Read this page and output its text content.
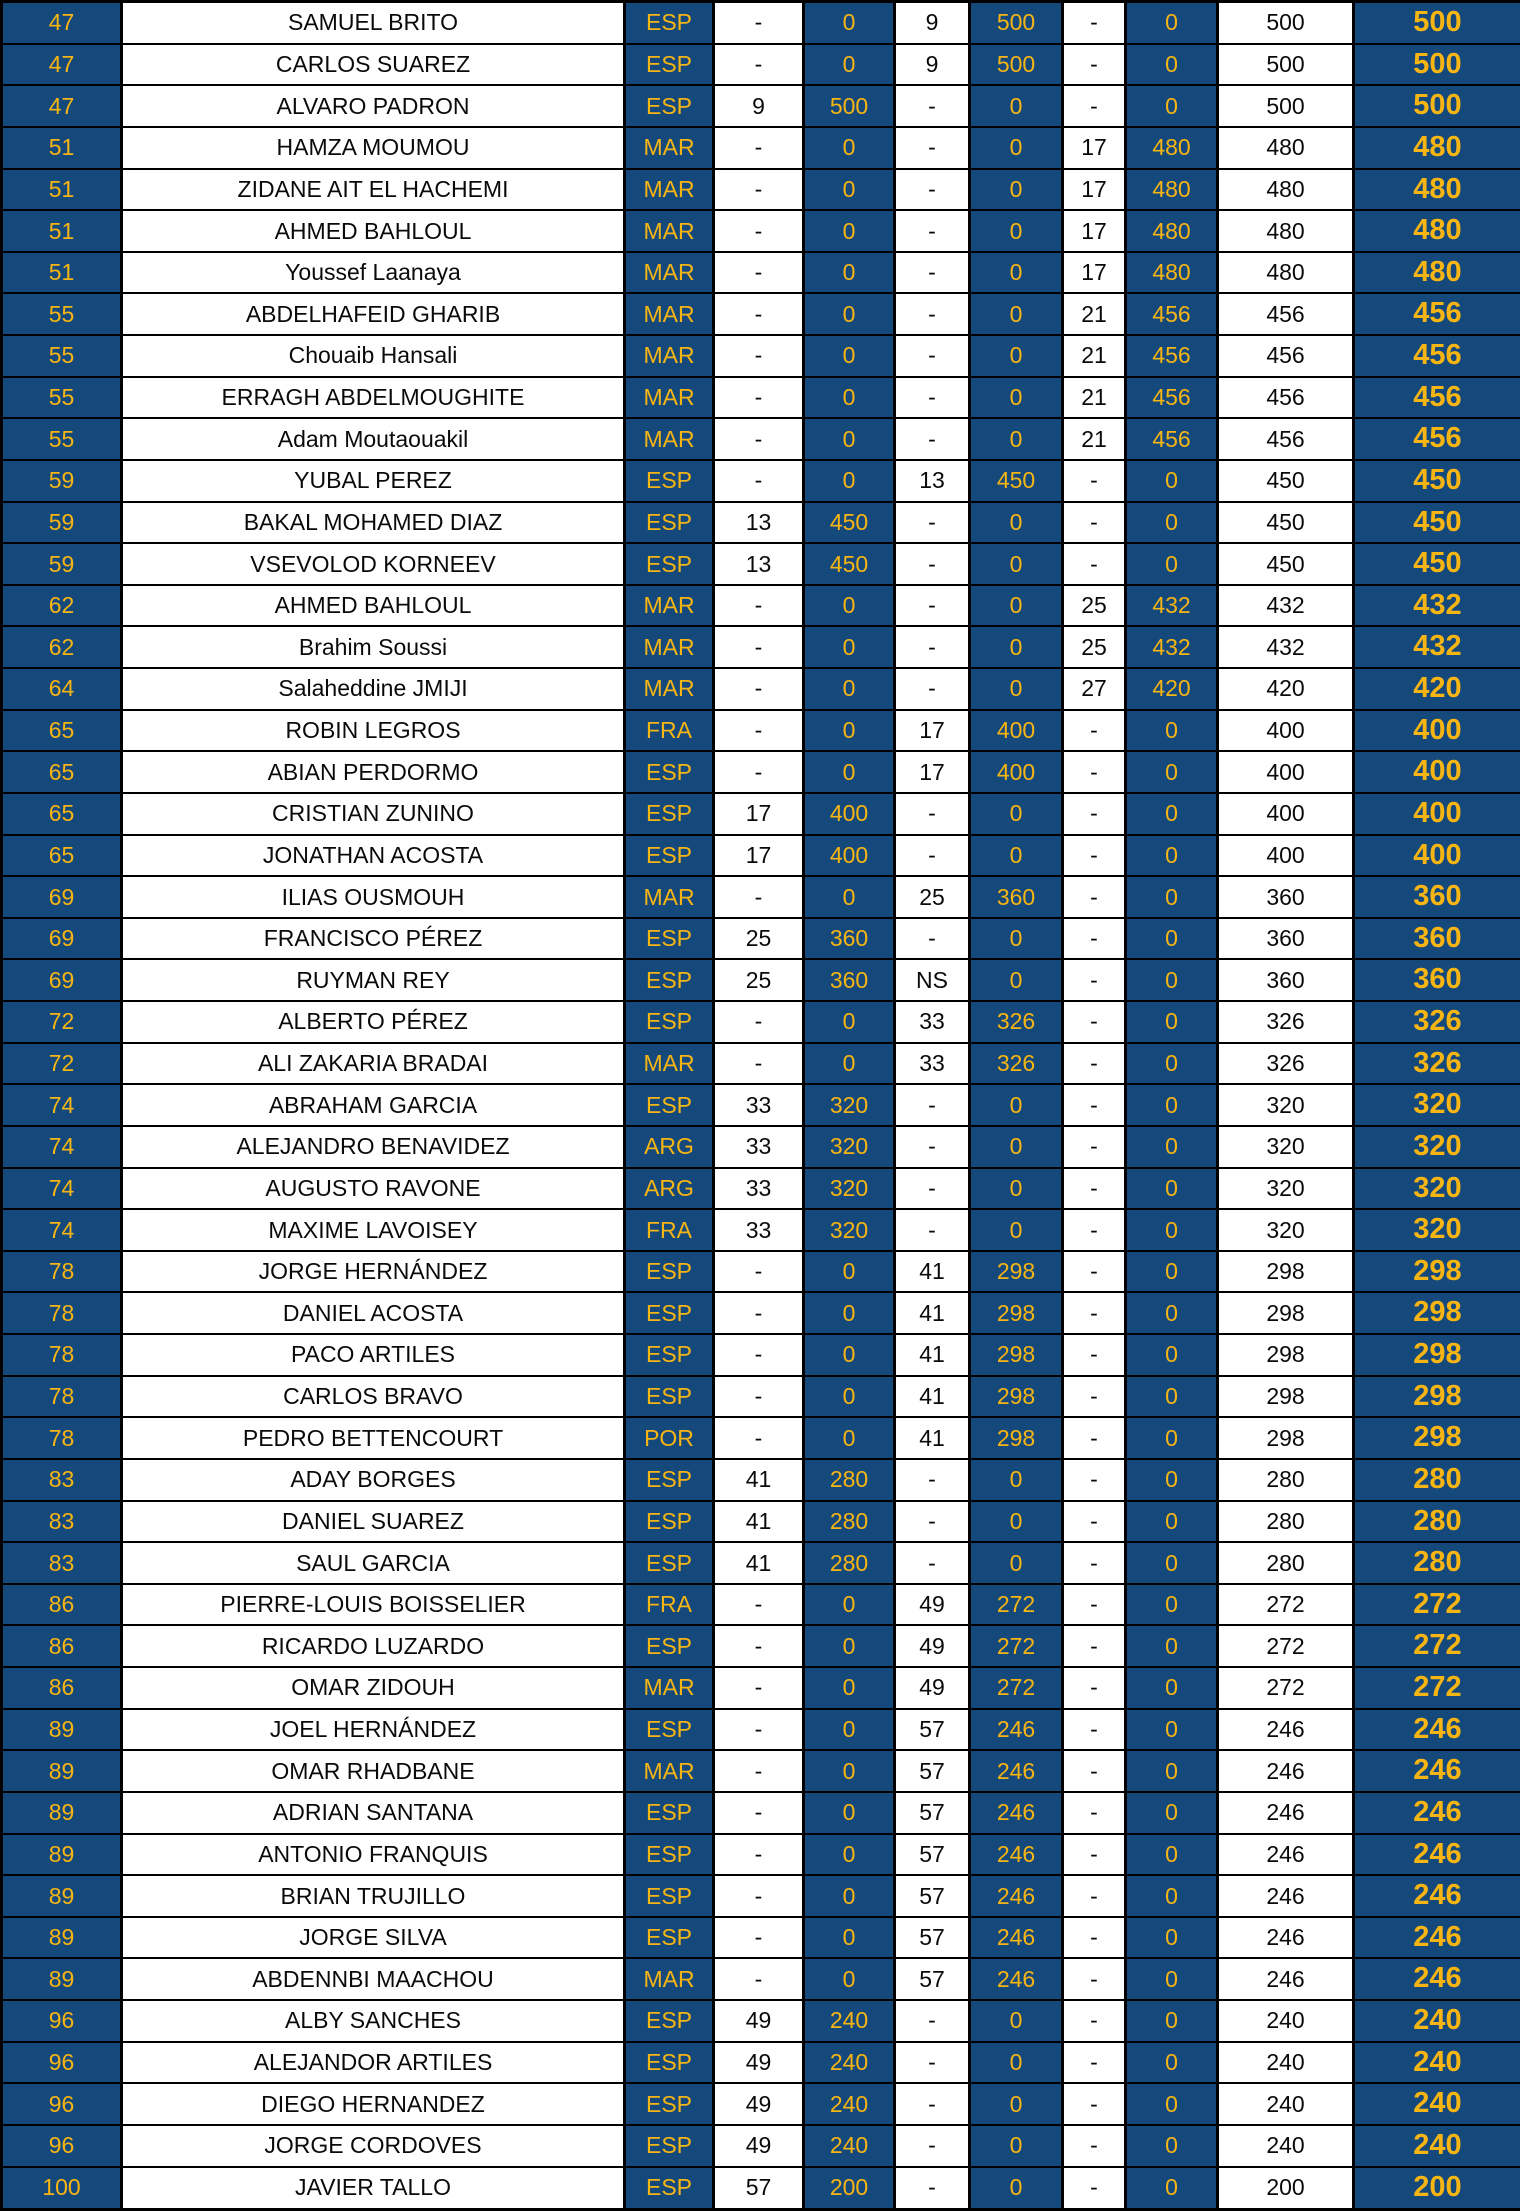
47	SAMUEL BRITO	ESP	-	0	9	500	-	0	500	500
47	CARLOS SUAREZ	ESP	-	0	9	500	-	0	500	500
47	ALVARO PADRON	ESP	9	500	-	0	-	0	500	500
51	HAMZA MOUMOU	MAR	-	0	-	0	17	480	480	480
51	ZIDANE AIT EL HACHEMI	MAR	-	0	-	0	17	480	480	480
51	AHMED BAHLOUL	MAR	-	0	-	0	17	480	480	480
51	Youssef Laanaya	MAR	-	0	-	0	17	480	480	480
55	ABDELHAFEID GHARIB	MAR	-	0	-	0	21	456	456	456
55	Chouaib Hansali	MAR	-	0	-	0	21	456	456	456
55	ERRAGH ABDELMOUGHITE	MAR	-	0	-	0	21	456	456	456
55	Adam Moutaouakil	MAR	-	0	-	0	21	456	456	456
59	YUBAL PEREZ	ESP	-	0	13	450	-	0	450	450
59	BAKAL MOHAMED DIAZ	ESP	13	450	-	0	-	0	450	450
59	VSEVOLOD KORNEEV	ESP	13	450	-	0	-	0	450	450
62	AHMED BAHLOUL	MAR	-	0	-	0	25	432	432	432
62	Brahim Soussi	MAR	-	0	-	0	25	432	432	432
64	Salaheddine JMIJI	MAR	-	0	-	0	27	420	420	420
65	ROBIN LEGROS	FRA	-	0	17	400	-	0	400	400
65	ABIAN PERDORMO	ESP	-	0	17	400	-	0	400	400
65	CRISTIAN ZUNINO	ESP	17	400	-	0	-	0	400	400
65	JONATHAN ACOSTA	ESP	17	400	-	0	-	0	400	400
69	ILIAS OUSMOUH	MAR	-	0	25	360	-	0	360	360
69	FRANCISCO PÉREZ	ESP	25	360	-	0	-	0	360	360
69	RUYMAN REY	ESP	25	360	NS	0	-	0	360	360
72	ALBERTO PÉREZ	ESP	-	0	33	326	-	0	326	326
72	ALI ZAKARIA BRADAI	MAR	-	0	33	326	-	0	326	326
74	ABRAHAM GARCIA	ESP	33	320	-	0	-	0	320	320
74	ALEJANDRO BENAVIDEZ	ARG	33	320	-	0	-	0	320	320
74	AUGUSTO RAVONE	ARG	33	320	-	0	-	0	320	320
74	MAXIME LAVOISEY	FRA	33	320	-	0	-	0	320	320
78	JORGE HERNÁNDEZ	ESP	-	0	41	298	-	0	298	298
78	DANIEL ACOSTA	ESP	-	0	41	298	-	0	298	298
78	PACO ARTILES	ESP	-	0	41	298	-	0	298	298
78	CARLOS BRAVO	ESP	-	0	41	298	-	0	298	298
78	PEDRO BETTENCOURT	POR	-	0	41	298	-	0	298	298
83	ADAY BORGES	ESP	41	280	-	0	-	0	280	280
83	DANIEL SUAREZ	ESP	41	280	-	0	-	0	280	280
83	SAUL GARCIA	ESP	41	280	-	0	-	0	280	280
86	PIERRE-LOUIS BOISSELIER	FRA	-	0	49	272	-	0	272	272
86	RICARDO LUZARDO	ESP	-	0	49	272	-	0	272	272
86	OMAR ZIDOUH	MAR	-	0	49	272	-	0	272	272
89	JOEL HERNÁNDEZ	ESP	-	0	57	246	-	0	246	246
89	OMAR RHADBANE	MAR	-	0	57	246	-	0	246	246
89	ADRIAN SANTANA	ESP	-	0	57	246	-	0	246	246
89	ANTONIO FRANQUIS	ESP	-	0	57	246	-	0	246	246
89	BRIAN TRUJILLO	ESP	-	0	57	246	-	0	246	246
89	JORGE SILVA	ESP	-	0	57	246	-	0	246	246
89	ABDENNBI MAACHOU	MAR	-	0	57	246	-	0	246	246
96	ALBY SANCHES	ESP	49	240	-	0	-	0	240	240
96	ALEJANDOR ARTILES	ESP	49	240	-	0	-	0	240	240
96	DIEGO HERNANDEZ	ESP	49	240	-	0	-	0	240	240
96	JORGE CORDOVES	ESP	49	240	-	0	-	0	240	240
100	JAVIER TALLO	ESP	57	200	-	0	-	0	200	200
